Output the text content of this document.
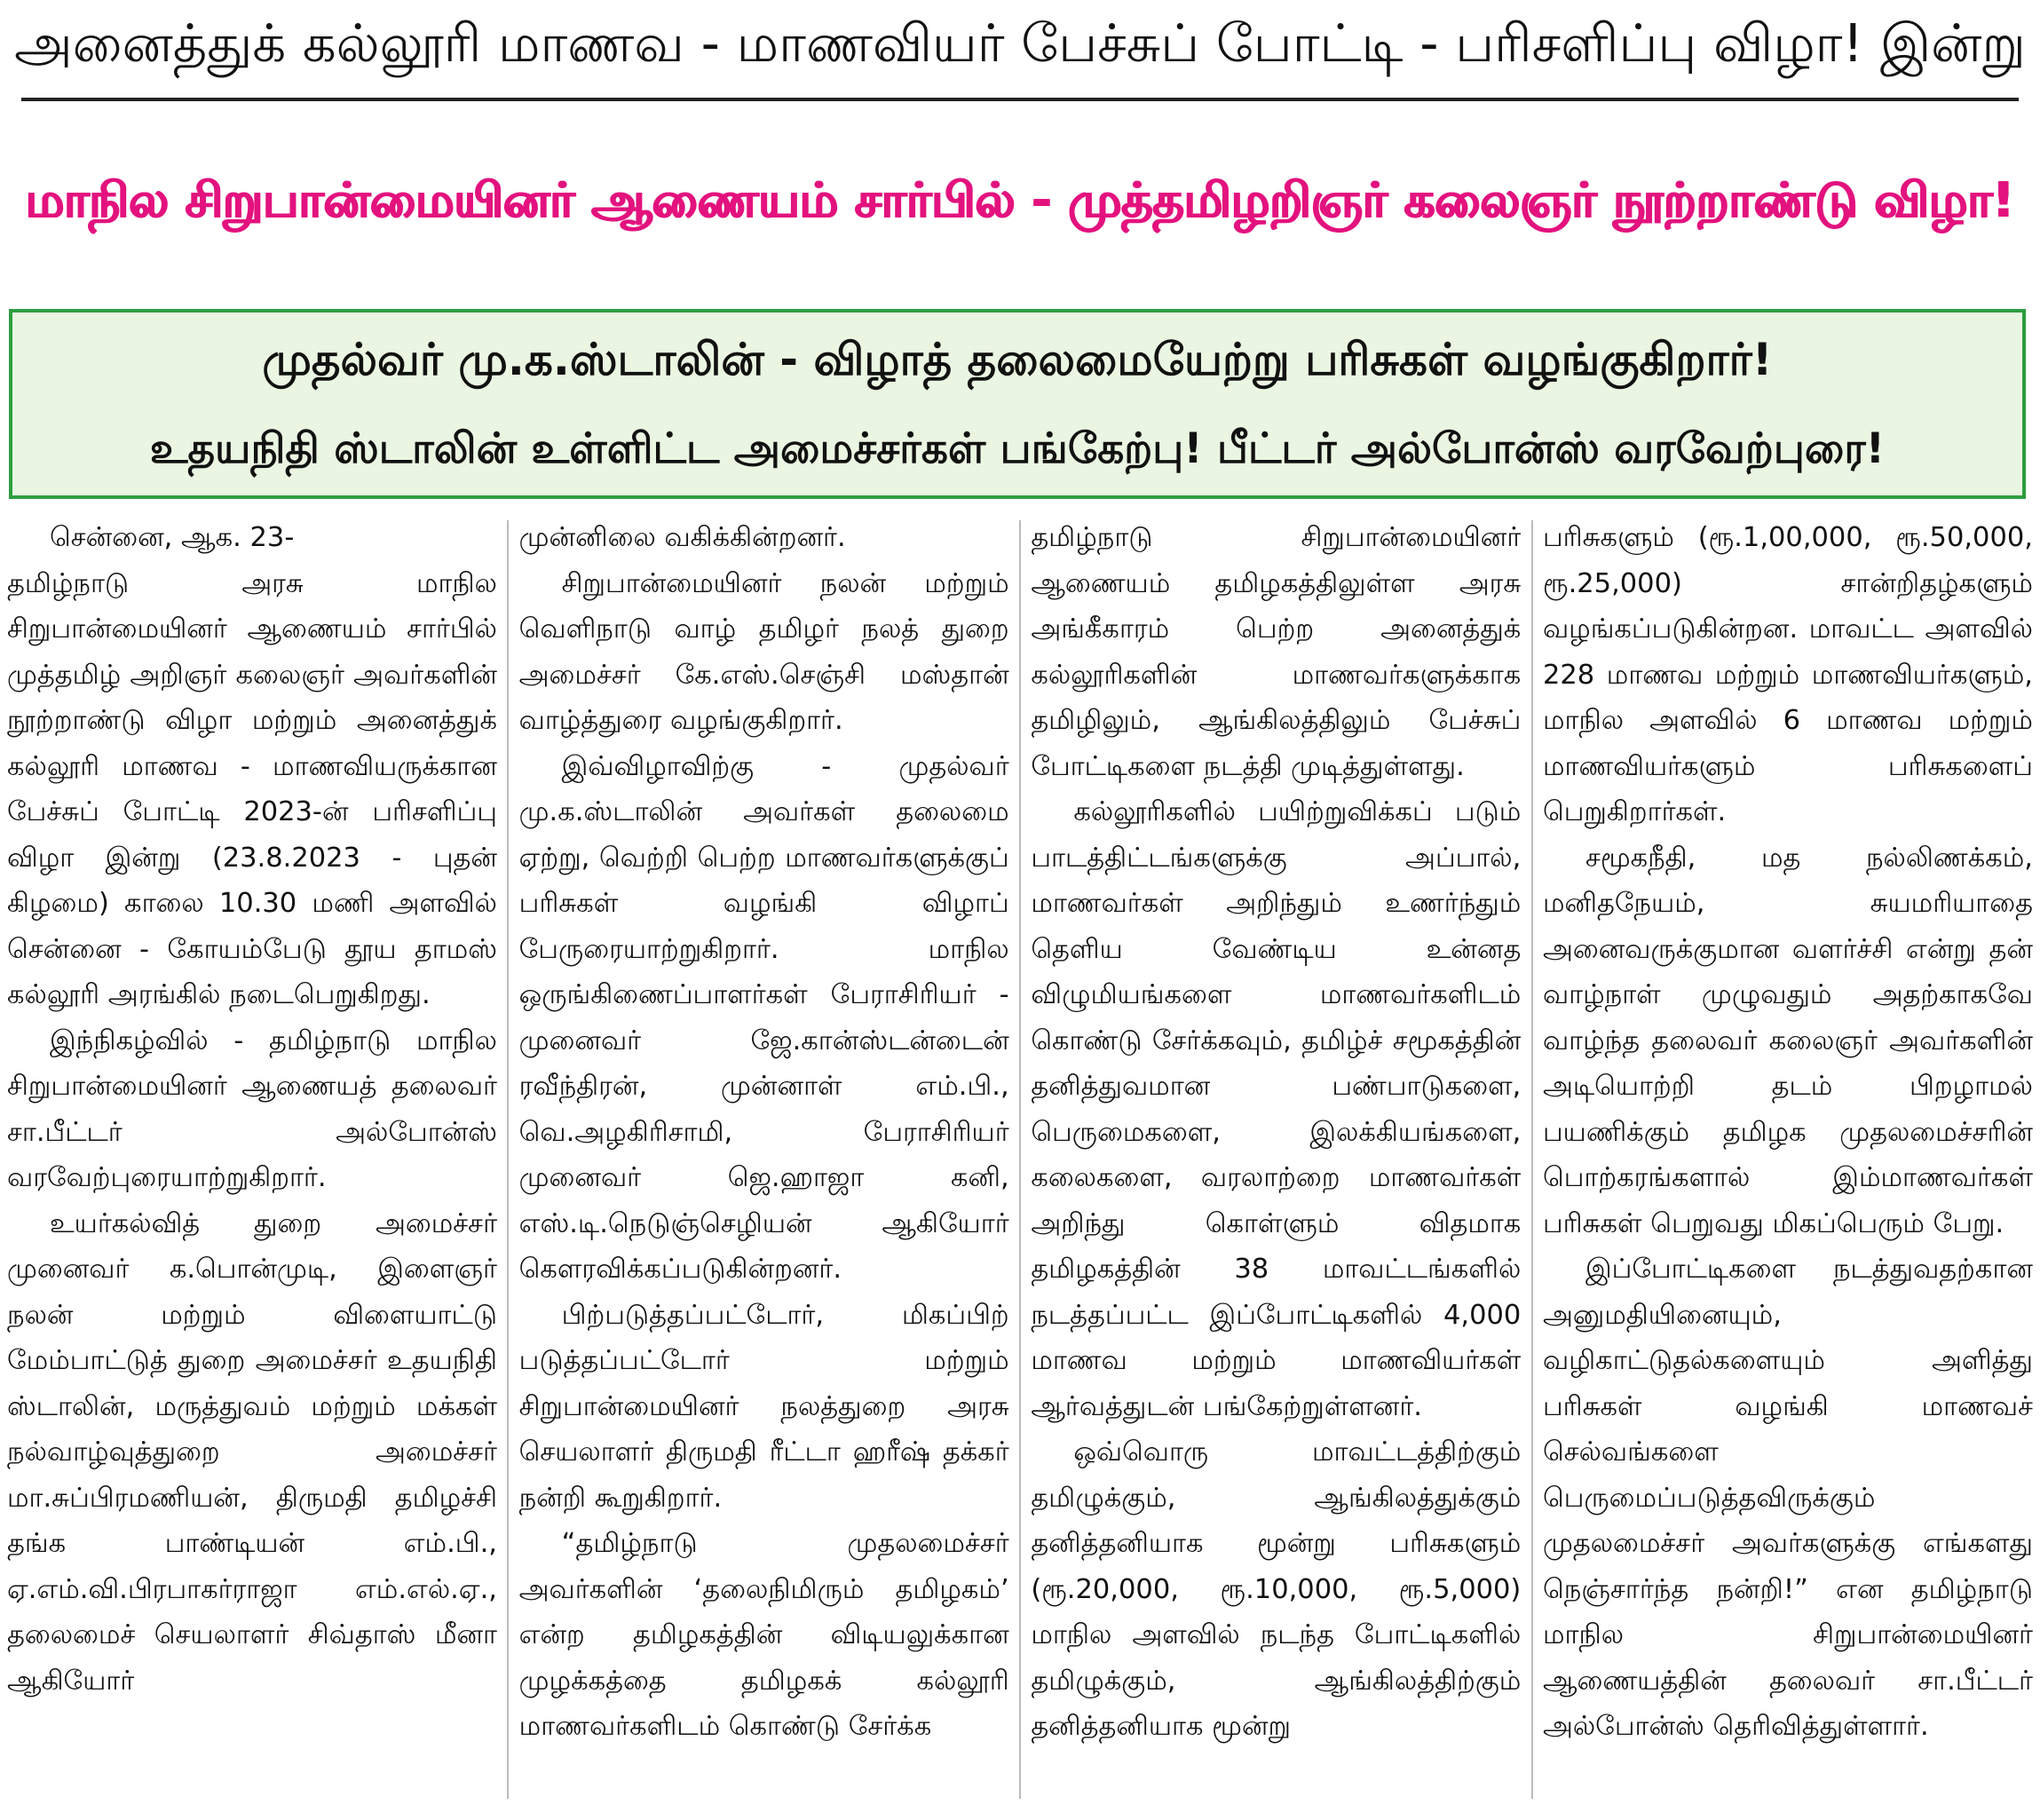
அனைத்துக் கல்லூரி மாணவ - மாணவியர் பேச்சுப் போட்டி - பரிசளிப்பு விழா! இன்று
மாநில சிறுபான்மையினர் ஆணையம் சார்பில் - முத்தமிழறிஞர் கலைஞர் நூற்றாண்டு விழா!
முதல்வர் மு.க.ஸ்டாலின் - விழாத் தலைமையேற்று பரிசுகள் வழங்குகிறார்!
உதயநிதி ஸ்டாலின் உள்ளிட்ட அமைச்சர்கள் பங்கேற்பு! பீட்டர் அல்போன்ஸ் வரவேற்புரை!

சென்னை, ஆக. 23-

தமிழ்நாடு அரசு மாநில சிறுபான்மையினர் ஆணையம் சார்பில் முத்தமிழ் அறிஞர் கலைஞர் அவர்களின் நூற்றாண்டு விழா மற்றும் அனைத்துக் கல்லூரி மாணவ - மாணவியருக்கான பேச்சுப் போட்டி 2023-ன் பரிசளிப்பு விழா இன்று (23.8.2023 - புதன் கிழமை) காலை 10.30 மணி அளவில் சென்னை - கோயம்பேடு தூய தாமஸ் கல்லூரி அரங்கில் நடைபெறுகிறது.

இந்நிகழ்வில் - தமிழ்நாடு மாநில சிறுபான்மையினர் ஆணையத் தலைவர் சா.பீட்டர் அல்போன்ஸ் வரவேற்புரையாற்றுகிறார்.

உயர்கல்வித் துறை அமைச்சர் முனைவர் க.பொன்முடி, இளைஞர் நலன் மற்றும் விளையாட்டு மேம்பாட்டுத் துறை அமைச்சர் உதயநிதி ஸ்டாலின், மருத்துவம் மற்றும் மக்கள் நல்வாழ்வுத்துறை அமைச்சர் மா.சுப்பிரமணியன், திருமதி தமிழச்சி தங்க பாண்டியன் எம்.பி., ஏ.எம்.வி.பிரபாகர்ராஜா எம்.எல்.ஏ., தலைமைச் செயலாளர் சிவ்தாஸ் மீனா ஆகியோர்

முன்னிலை வகிக்கின்றனர்.

சிறுபான்மையினர் நலன் மற்றும் வெளிநாடு வாழ் தமிழர் நலத் துறை அமைச்சர் கே.எஸ்.செஞ்சி மஸ்தான் வாழ்த்துரை வழங்குகிறார்.

இவ்விழாவிற்கு - முதல்வர் மு.க.ஸ்டாலின் அவர்கள் தலைமை ஏற்று, வெற்றி பெற்ற மாணவர்களுக்குப் பரிசுகள் வழங்கி விழாப் பேருரையாற்றுகிறார். மாநில ஒருங்கிணைப்பாளர்கள் பேராசிரியர் - முனைவர் ஜே.கான்ஸ்டன்டைன் ரவீந்திரன், முன்னாள் எம்.பி., வெ.அழகிரிசாமி, பேராசிரியர் முனைவர் ஜெ.ஹாஜா கனி, எஸ்.டி.நெடுஞ்செழியன் ஆகியோர் கௌரவிக்கப்படுகின்றனர்.

பிற்படுத்தப்பட்டோர், மிகப்பிற் படுத்தப்பட்டோர் மற்றும் சிறுபான்மையினர் நலத்துறை அரசு செயலாளர் திருமதி ரீட்டா ஹரீஷ் தக்கர் நன்றி கூறுகிறார்.

“தமிழ்நாடு முதலமைச்சர் அவர்களின் ‘தலைநிமிரும் தமிழகம்’ என்ற தமிழகத்தின் விடியலுக்கான முழக்கத்தை தமிழகக் கல்லூரி மாணவர்களிடம் கொண்டு சேர்க்க

தமிழ்நாடு சிறுபான்மையினர் ஆணையம் தமிழகத்திலுள்ள அரசு அங்கீகாரம் பெற்ற அனைத்துக் கல்லூரிகளின் மாணவர்களுக்காக தமிழிலும், ஆங்கிலத்திலும் பேச்சுப் போட்டிகளை நடத்தி முடித்துள்ளது.

கல்லூரிகளில் பயிற்றுவிக்கப் படும் பாடத்திட்டங்களுக்கு அப்பால், மாணவர்கள் அறிந்தும் உணர்ந்தும் தெளிய வேண்டிய உன்னத விழுமியங்களை மாணவர்களிடம் கொண்டு சேர்க்கவும், தமிழ்ச் சமூகத்தின் தனித்துவமான பண்பாடுகளை, பெருமைகளை, இலக்கியங்களை, கலைகளை, வரலாற்றை மாணவர்கள் அறிந்து கொள்ளும் விதமாக தமிழகத்தின் 38 மாவட்டங்களில் நடத்தப்பட்ட இப்போட்டிகளில் 4,000 மாணவ மற்றும் மாணவியர்கள் ஆர்வத்துடன் பங்கேற்றுள்ளனர்.

ஒவ்வொரு மாவட்டத்திற்கும் தமிழுக்கும், ஆங்கிலத்துக்கும் தனித்தனியாக மூன்று பரிசுகளும் (ரூ.20,000, ரூ.10,000, ரூ.5,000) மாநில அளவில் நடந்த போட்டிகளில் தமிழுக்கும், ஆங்கிலத்திற்கும் தனித்தனியாக மூன்று

பரிசுகளும் (ரூ.1,00,000, ரூ.50,000, ரூ.25,000) சான்றிதழ்களும் வழங்கப்படுகின்றன. மாவட்ட அளவில் 228 மாணவ மற்றும் மாணவியர்களும், மாநில அளவில் 6 மாணவ மற்றும் மாணவியர்களும் பரிசுகளைப் பெறுகிறார்கள்.

சமூகநீதி, மத நல்லிணக்கம், மனிதநேயம், சுயமரியாதை அனைவருக்குமான வளர்ச்சி என்று தன் வாழ்நாள் முழுவதும் அதற்காகவே வாழ்ந்த தலைவர் கலைஞர் அவர்களின் அடியொற்றி தடம் பிறழாமல் பயணிக்கும் தமிழக முதலமைச்சரின் பொற்கரங்களால் இம்மாணவர்கள் பரிசுகள் பெறுவது மிகப்பெரும் பேறு.

இப்போட்டிகளை நடத்துவதற்கான அனுமதியினையும், வழிகாட்டுதல்களையும் அளித்து பரிசுகள் வழங்கி மாணவச் செல்வங்களை பெருமைப்படுத்தவிருக்கும் முதலமைச்சர் அவர்களுக்கு எங்களது நெஞ்சார்ந்த நன்றி!” என தமிழ்நாடு மாநில சிறுபான்மையினர் ஆணையத்தின் தலைவர் சா.பீட்டர் அல்போன்ஸ் தெரிவித்துள்ளார்.
